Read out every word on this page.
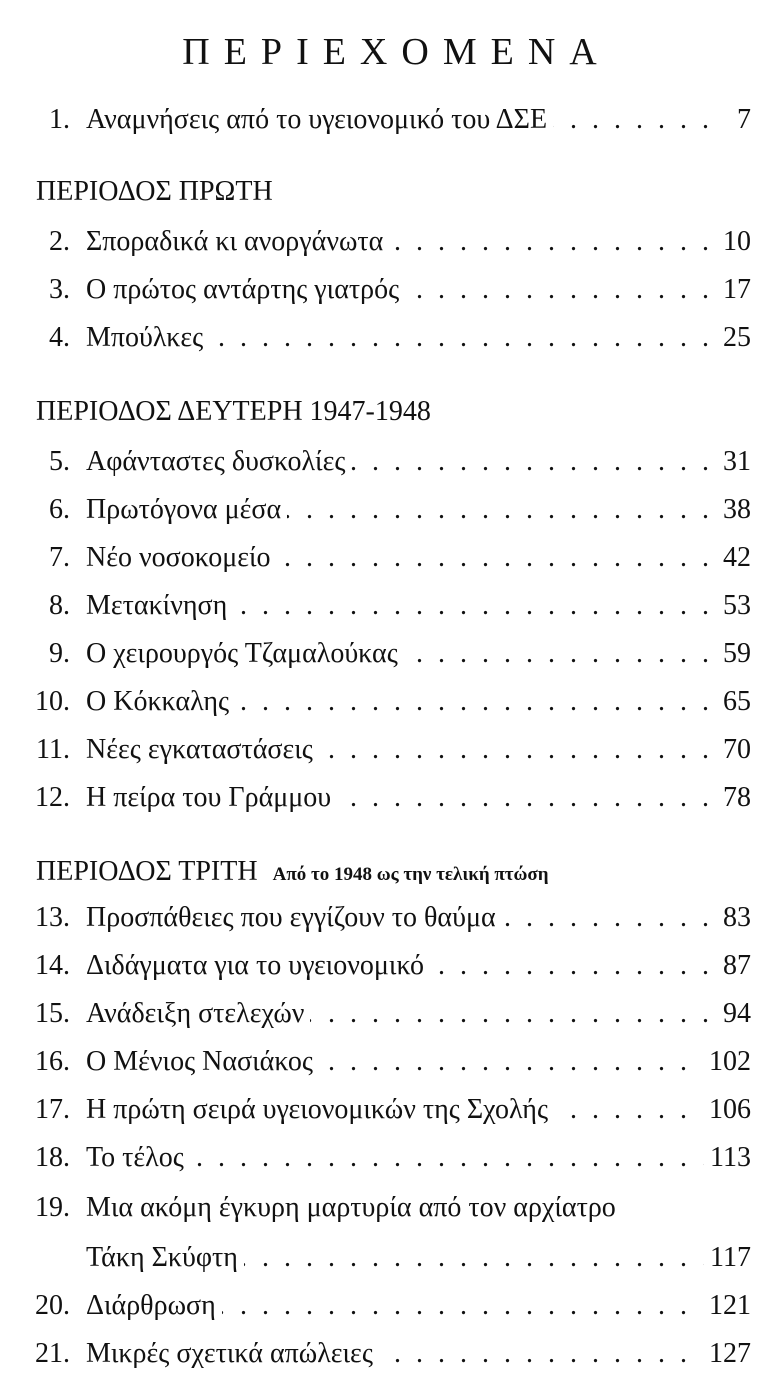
ΠΕΡΙΕΧΟΜΕΝΑ
1. . . . Αναμνήσεις από το υγειονομικό του ΔΣΕ	7
ΠΕΡΙΟΔΟΣ ΠΡΩΤΗ
2. . . . Σποραδικά κι ανοργάνωτα	10
3. . . . Ο πρώτος αντάρτης γιατρός	17
4. . . . Μπούλκες	25
ΠΕΡΙΟΔΟΣ ΔΕΥΤΕΡΗ 1947-1948
5. . . . Αφάνταστες δυσκολίες	31
6. . . . Πρωτόγονα μέσα	38
7. . . . Νέο νοσοκομείο	42
8. . . . Μετακίνηση	53
9. . . . Ο χειρουργός Τζαμαλούκας	59
10. . . . Ο Κόκκαλης	65
11. . . . Νέες εγκαταστάσεις	70
12. . . . Η πείρα του Γράμμου	78
ΠΕΡΙΟΔΟΣ ΤΡΙΤΗ Από το 1948 ως την τελική πτώση
13. . . . Προσπάθειες που εγγίζουν το θαύμα	83
14. . . . Διδάγματα για το υγειονομικό	87
15. . . . Ανάδειξη στελεχών	94
16. . . . Ο Μένιος Νασιάκος	102
17. . . . Η πρώτη σειρά υγειονομικών της Σχολής	106
18. . . . Το τέλος	113
19. Μια ακόμη έγκυρη μαρτυρία από τον αρχίατρο
. . .
Τάκη Σκύφτη	117
20. . . . Διάρθρωση	121
21. . . . Μικρές σχετικά απώλειες	127
